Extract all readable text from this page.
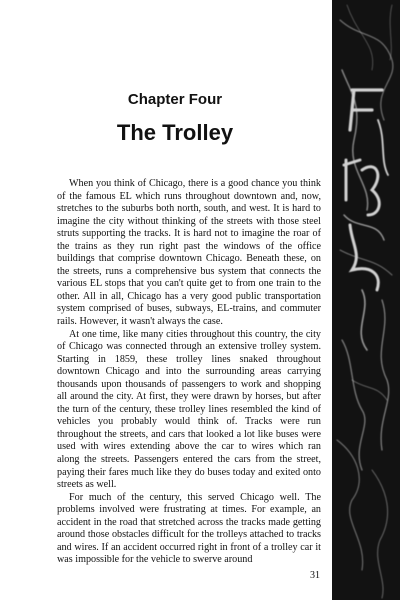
Chapter Four
The Trolley

When you think of Chicago, there is a good chance you think of the famous EL which runs throughout downtown and, now, stretches to the suburbs both north, south, and west. It is hard to imagine the city without thinking of the streets with those steel struts supporting the tracks. It is hard not to imagine the roar of the trains as they run right past the windows of the office buildings that comprise downtown Chicago. Beneath these, on the streets, runs a comprehensive bus system that connects the various EL stops that you can't quite get to from one train to the other. All in all, Chicago has a very good public transportation system comprised of buses, subways, EL-trains, and commuter rails. However, it wasn't always the case.

At one time, like many cities throughout this country, the city of Chicago was connected through an extensive trolley system. Starting in 1859, these trolley lines snaked throughout downtown Chicago and into the surrounding areas carrying thousands upon thousands of passengers to work and shopping all around the city. At first, they were drawn by horses, but after the turn of the century, these trolley lines resembled the kind of vehicles you probably would think of. Tracks were run throughout the streets, and cars that looked a lot like buses were used with wires extending above the car to wires which ran along the streets. Passengers entered the cars from the street, paying their fares much like they do buses today and exited onto streets as well.

For much of the century, this served Chicago well. The problems involved were frustrating at times. For example, an accident in the road that stretched across the tracks made getting around those obstacles difficult for the trolleys attached to tracks and wires. If an accident occurred right in front of a trolley car it was impossible for the vehicle to swerve around

31
